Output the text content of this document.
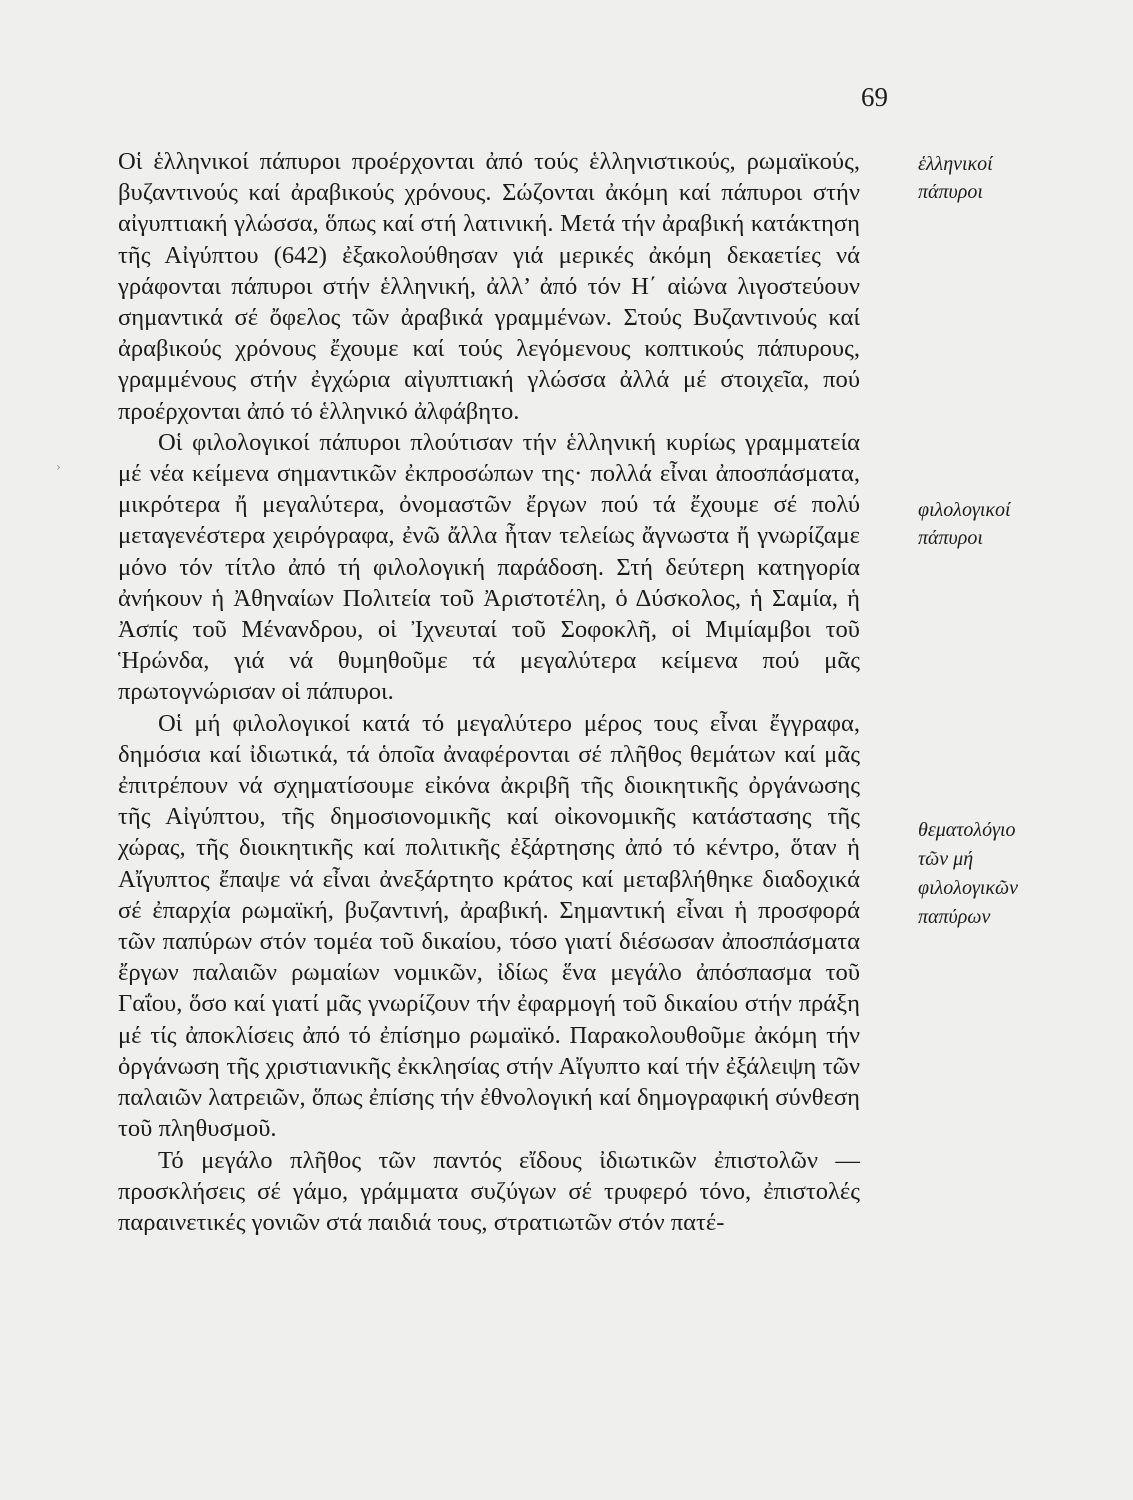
69

Οἱ ἑλληνικοί πάπυροι προέρχονται ἀπό τούς ἑλληνιστικούς, ρωμαϊκούς, βυζαντινούς καί ἀραβικούς χρόνους. Σώζονται ἀκόμη καί πάπυροι στήν αἰγυπτιακή γλώσσα, ὅπως καί στή λατινική. Μετά τήν ἀραβική κατάκτηση τῆς Αἰγύπτου (642) ἐξακολούθησαν γιά μερικές ἀκόμη δεκαετίες νά γράφονται πάπυροι στήν ἑλληνική, ἀλλ’ ἀπό τόν Η΄ αἰώνα λιγοστεύουν σημαντικά σέ ὄφελος τῶν ἀραβικά γραμμένων. Στούς Βυζαντινούς καί ἀραβικούς χρόνους ἔχουμε καί τούς λεγόμενους κοπτικούς πάπυρους, γραμμένους στήν ἐγχώρια αἰγυπτιακή γλώσσα ἀλλά μέ στοιχεῖα, πού προέρχονται ἀπό τό ἑλληνικό ἀλφάβητο.

Οἱ φιλολογικοί πάπυροι πλούτισαν τήν ἑλληνική κυρίως γραμματεία μέ νέα κείμενα σημαντικῶν ἐκπροσώπων της· πολλά εἶναι ἀποσπάσματα, μικρότερα ἤ μεγαλύτερα, ὀνομαστῶν ἔργων πού τά ἔχουμε σέ πολύ μεταγενέστερα χειρόγραφα, ἐνῶ ἄλλα ἦταν τελείως ἄγνωστα ἤ γνωρίζαμε μόνο τόν τίτλο ἀπό τή φιλολογική παράδοση. Στή δεύτερη κατηγορία ἀνήκουν ἡ Ἀθηναίων Πολιτεία τοῦ Ἀριστοτέλη, ὁ Δύσκολος, ἡ Σαμία, ἡ Ἀσπίς τοῦ Μένανδρου, οἱ Ἰχνευταί τοῦ Σοφοκλῆ, οἱ Μιμίαμβοι τοῦ Ἡρώνδα, γιά νά θυμηθοῦμε τά μεγαλύτερα κείμενα πού μᾶς πρωτογνώρισαν οἱ πάπυροι.

Οἱ μή φιλολογικοί κατά τό μεγαλύτερο μέρος τους εἶναι ἔγγραφα, δημόσια καί ἰδιωτικά, τά ὁποῖα ἀναφέρονται σέ πλῆθος θεμάτων καί μᾶς ἐπιτρέπουν νά σχηματίσουμε εἰκόνα ἀκριβῆ τῆς διοικητικῆς ὀργάνωσης τῆς Αἰγύπτου, τῆς δημοσιονομικῆς καί οἰκονομικῆς κατάστασης τῆς χώρας, τῆς διοικητικῆς καί πολιτικῆς ἐξάρτησης ἀπό τό κέντρο, ὅταν ἡ Αἴγυπτος ἔπαψε νά εἶναι ἀνεξάρτητο κράτος καί μεταβλήθηκε διαδοχικά σέ ἐπαρχία ρωμαϊκή, βυζαντινή, ἀραβική. Σημαντική εἶναι ἡ προσφορά τῶν παπύρων στόν τομέα τοῦ δικαίου, τόσο γιατί διέσωσαν ἀποσπάσματα ἔργων παλαιῶν ρωμαίων νομικῶν, ἰδίως ἕνα μεγάλο ἀπόσπασμα τοῦ Γαΐου, ὅσο καί γιατί μᾶς γνωρίζουν τήν ἐφαρμογή τοῦ δικαίου στήν πράξη μέ τίς ἀποκλίσεις ἀπό τό ἐπίσημο ρωμαϊκό. Παρακολουθοῦμε ἀκόμη τήν ὀργάνωση τῆς χριστιανικῆς ἐκκλησίας στήν Αἴγυπτο καί τήν ἐξάλειψη τῶν παλαιῶν λατρειῶν, ὅπως ἐπίσης τήν ἐθνολογική καί δημογραφική σύνθεση τοῦ πληθυσμοῦ.

Τό μεγάλο πλῆθος τῶν παντός εἴδους ἰδιωτικῶν ἐπιστολῶν — προσκλήσεις σέ γάμο, γράμματα συζύγων σέ τρυφερό τόνο, ἐπιστολές παραινετικές γονιῶν στά παιδιά τους, στρατιωτῶν στόν πατέ-

ἑλληνικοί
πάπυροι
φιλολογικοί
πάπυροι
θεματολόγιο
τῶν μή
φιλολογικῶν
παπύρων
›
